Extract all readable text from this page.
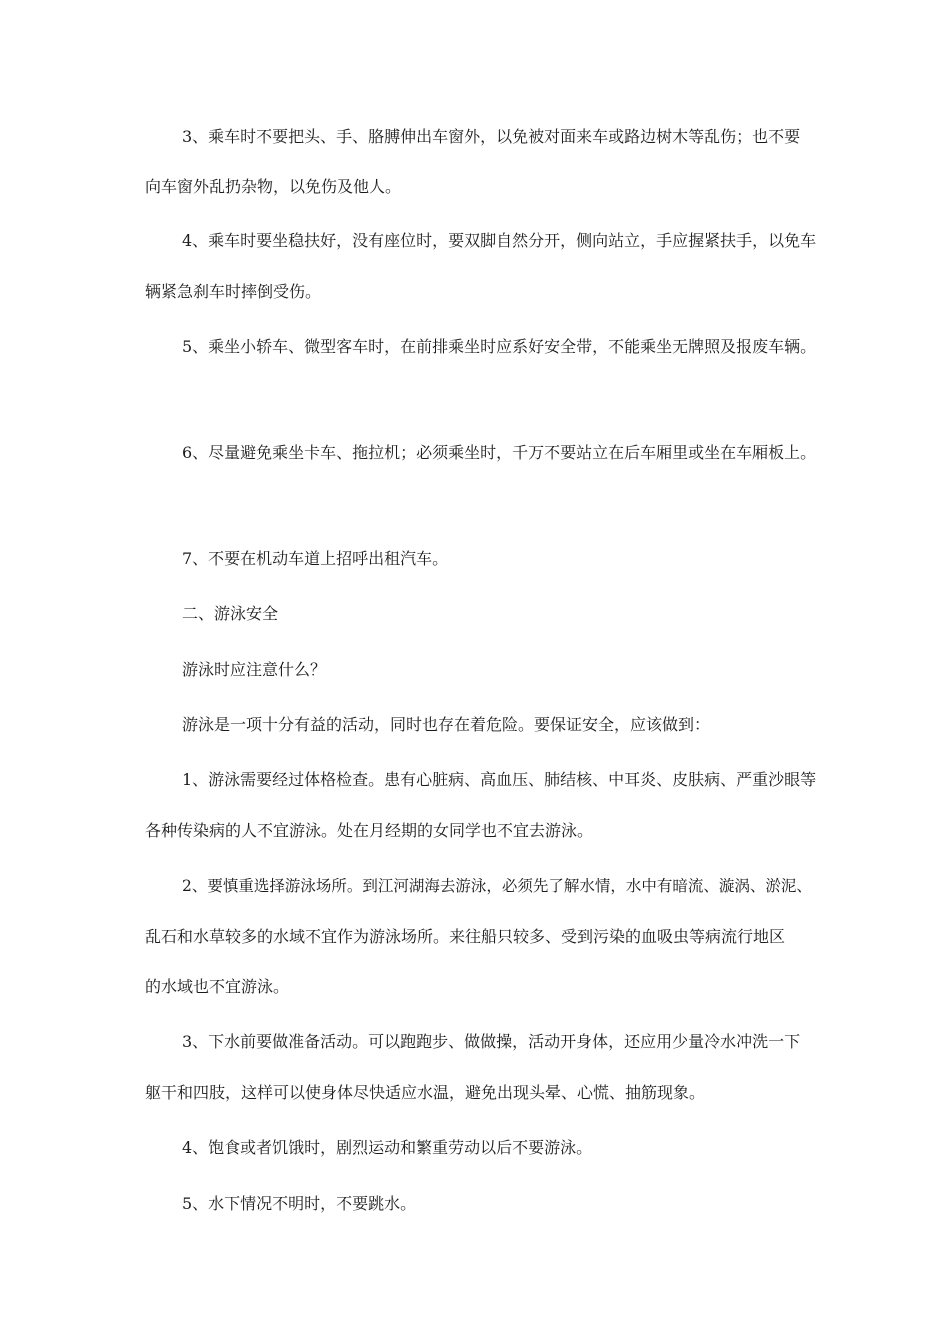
3、乘车时不要把头、手、胳膊伸出车窗外，以免被对面来车或路边树木等乱伤；也不要
向车窗外乱扔杂物，以免伤及他人。
4、乘车时要坐稳扶好，没有座位时，要双脚自然分开，侧向站立，手应握紧扶手，以免车
辆紧急刹车时摔倒受伤。
5、乘坐小轿车、微型客车时，在前排乘坐时应系好安全带，不能乘坐无牌照及报废车辆。
6、尽量避免乘坐卡车、拖拉机；必须乘坐时，千万不要站立在后车厢里或坐在车厢板上。
7、不要在机动车道上招呼出租汽车。
二、游泳安全
游泳时应注意什么？
游泳是一项十分有益的活动，同时也存在着危险。要保证安全，应该做到：
1、游泳需要经过体格检查。患有心脏病、高血压、肺结核、中耳炎、皮肤病、严重沙眼等
各种传染病的人不宜游泳。处在月经期的女同学也不宜去游泳。
2、要慎重选择游泳场所。到江河湖海去游泳，必须先了解水情，水中有暗流、漩涡、淤泥、
乱石和水草较多的水域不宜作为游泳场所。来往船只较多、受到污染的血吸虫等病流行地区
的水域也不宜游泳。
3、下水前要做准备活动。可以跑跑步、做做操，活动开身体，还应用少量冷水冲洗一下
躯干和四肢，这样可以使身体尽快适应水温，避免出现头晕、心慌、抽筋现象。
4、饱食或者饥饿时，剧烈运动和繁重劳动以后不要游泳。
5、水下情况不明时，不要跳水。
